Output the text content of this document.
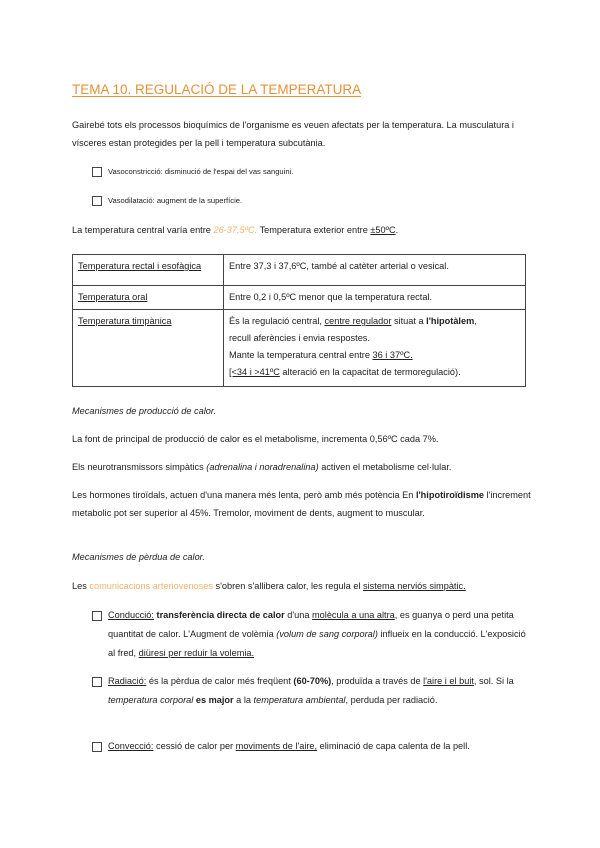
TEMA 10. REGULACIÓ DE LA TEMPERATURA

Gairebé tots els processos bioquímics de l'organisme es veuen afectats per la temperatura. La musculatura i vísceres estan protegides per la pell i temperatura subcutània.

Vasoconstricció: disminució de l'espai del vas sanguini.

Vasodilatació: augment de la superfície.

La temperatura central varía entre 26-37,5ºC. Temperatura exterior entre ±50ºC.

Temperatura rectal i esofàgica	Entre 37,3 i 37,6ºC, també al catèter arterial o vesical.
Temperatura oral	Entre 0,2 i 0,5ºC menor que la temperatura rectal.
Temperatura timpànica	És la regulació central, centre regulador situat a l'hipotàlem,
recull aferències i envia respostes.
Mante la temperatura central entre 36 i 37ºC.
[<34 i >41ºC alteració en la capacitat de termoregulació).

Mecanismes de producció de calor.

La font de principal de producció de calor es el metabolisme, incrementa 0,56ºC cada 7%.

Els neurotransmissors simpàtics (adrenalina i noradrenalina) activen el metabolisme cel·lular.

Les hormones tiroïdals, actuen d'una manera més lenta, però amb més potència En l'hipotiroïdisme l'increment metabolic pot ser superior al 45%. Tremolor, moviment de dents, augment to muscular.

Mecanismes de pèrdua de calor.

Les comunicacions arteriovenoses s'obren s'allibera calor, les regula el sistema nerviós simpàtic.

Conducció: transferència directa de calor d'una molècula a una altra, es guanya o perd una petita quantitat de calor. L'Augment de volèmia (volum de sang corporal) influeix en la conducció. L'exposició al fred, diüresi per reduir la volemia.

Radiació: és la pèrdua de calor més freqüent (60-70%), produïda a través de l'aire i el buit, sol. Si la temperatura corporal es major a la temperatura ambiental, perduda per radiació.

Convecció: cessió de calor per moviments de l'aire, eliminació de capa calenta de la pell.
